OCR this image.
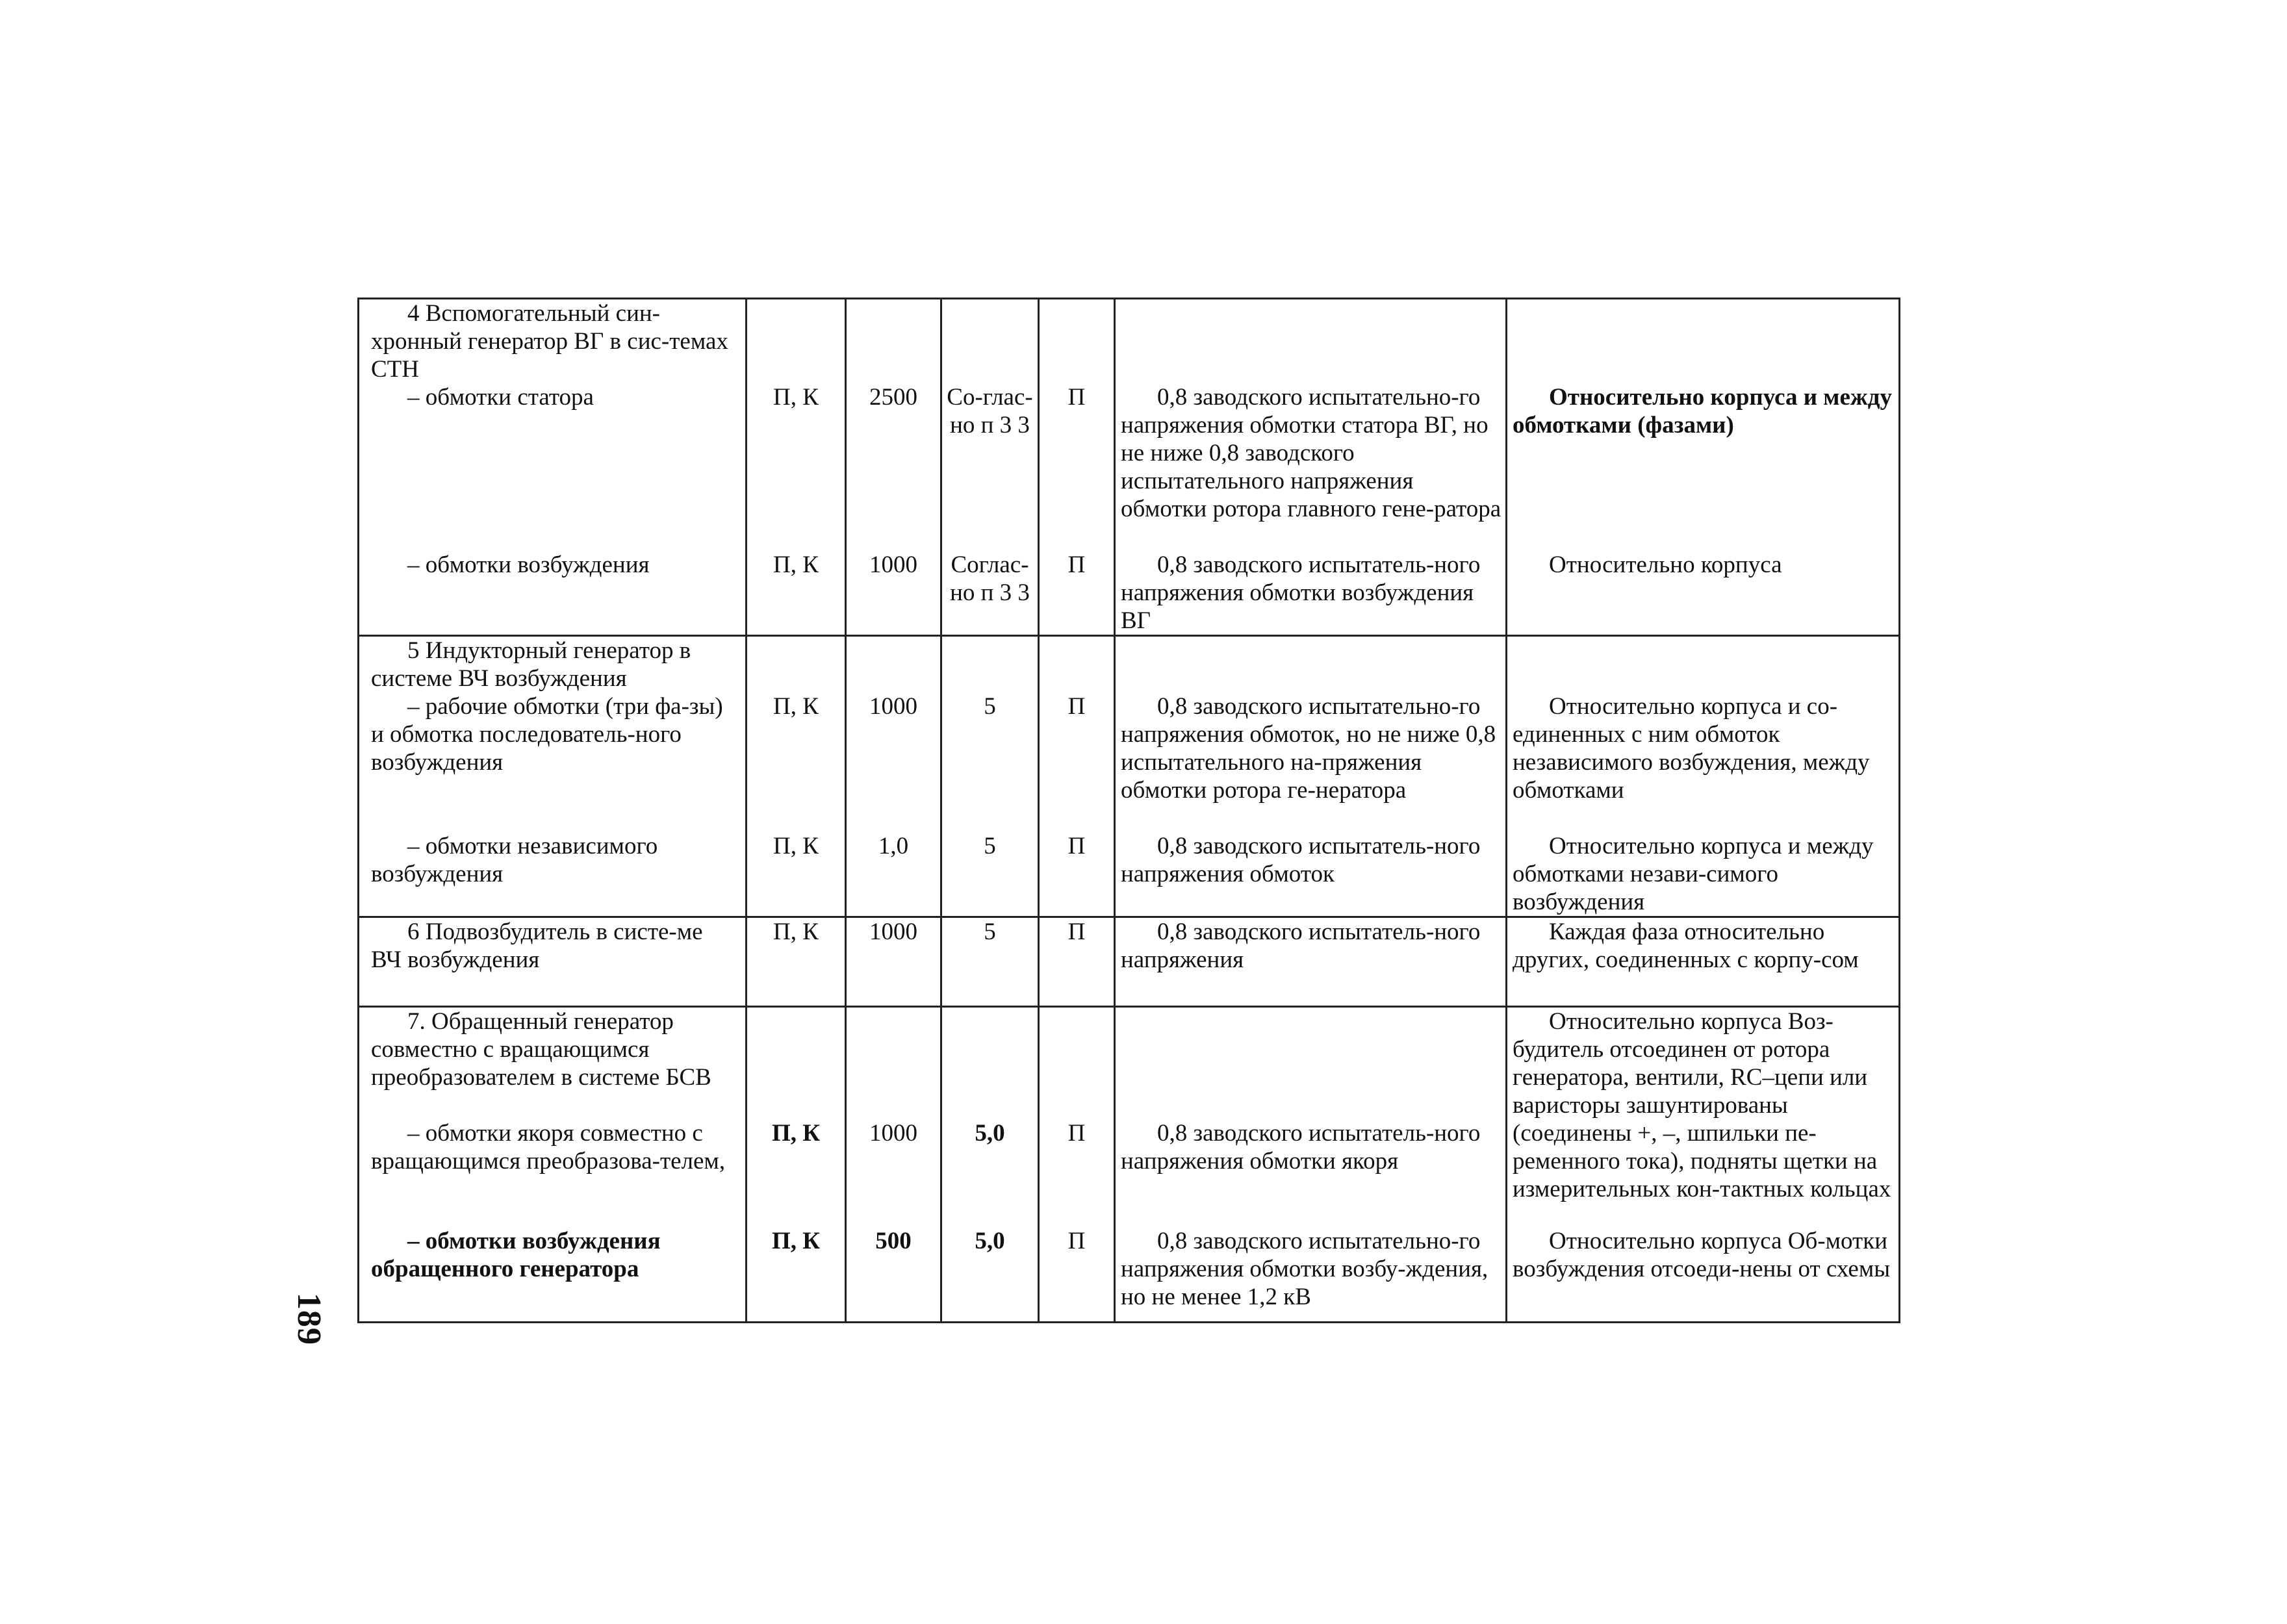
4 Вспомогательный син-хронный генератор ВГ в сис-темах СТН						

– обмотки статора	П, К	2500	Со-глас-но п 3 3	П	0,8 заводского испытательно-го напряжения обмотки статора ВГ, но не ниже 0,8 заводского испытательного напряжения обмотки ротора главного гене-ратора	Относительно корпуса и между обмотками (фазами)

– обмотки возбуждения	П, К	1000	Соглас-но п 3 3	П	0,8 заводского испытатель-ного напряжения обмотки возбуждения ВГ	Относительно корпуса

5 Индукторный генератор в системе ВЧ возбуждения						

– рабочие обмотки (три фа-зы) и обмотка последователь-ного возбуждения	П, К	1000	5	П	0,8 заводского испытательно-го напряжения обмоток, но не ниже 0,8 испытательного на-пряжения обмотки ротора ге-нератора	Относительно корпуса и со-единенных с ним обмоток независимого возбуждения, между обмотками

– обмотки независимого возбуждения	П, К	1,0	5	П	0,8 заводского испытатель-ного напряжения обмоток	Относительно корпуса и между обмотками незави-симого возбуждения

6 Подвозбудитель в систе-ме ВЧ возбуждения	П, К	1000	5	П	0,8 заводского испытатель-ного напряжения	Каждая фаза относительно других, соединенных с корпу-сом

7. Обращенный генератор совместно с вращающимся преобразователем в системе БСВ						Относительно корпуса Воз-будитель отсоединен от ротора генератора, вентили, RC–цепи или варисторы зашунтированы (соединены +, –, шпильки пе-ременного тока), подняты щетки на измерительных кон-тактных кольцах

– обмотки якоря совместно с вращающимся преобразова-телем,	П, К	1000	5,0	П	0,8 заводского испытатель-ного напряжения обмотки якоря	

– обмотки возбуждения обращенного генератора	П, К	500	5,0	П	0,8 заводского испытательно-го напряжения обмотки возбу-ждения, но не менее 1,2 кВ	Относительно корпуса Об-мотки возбуждения отсоеди-нены от схемы
189
